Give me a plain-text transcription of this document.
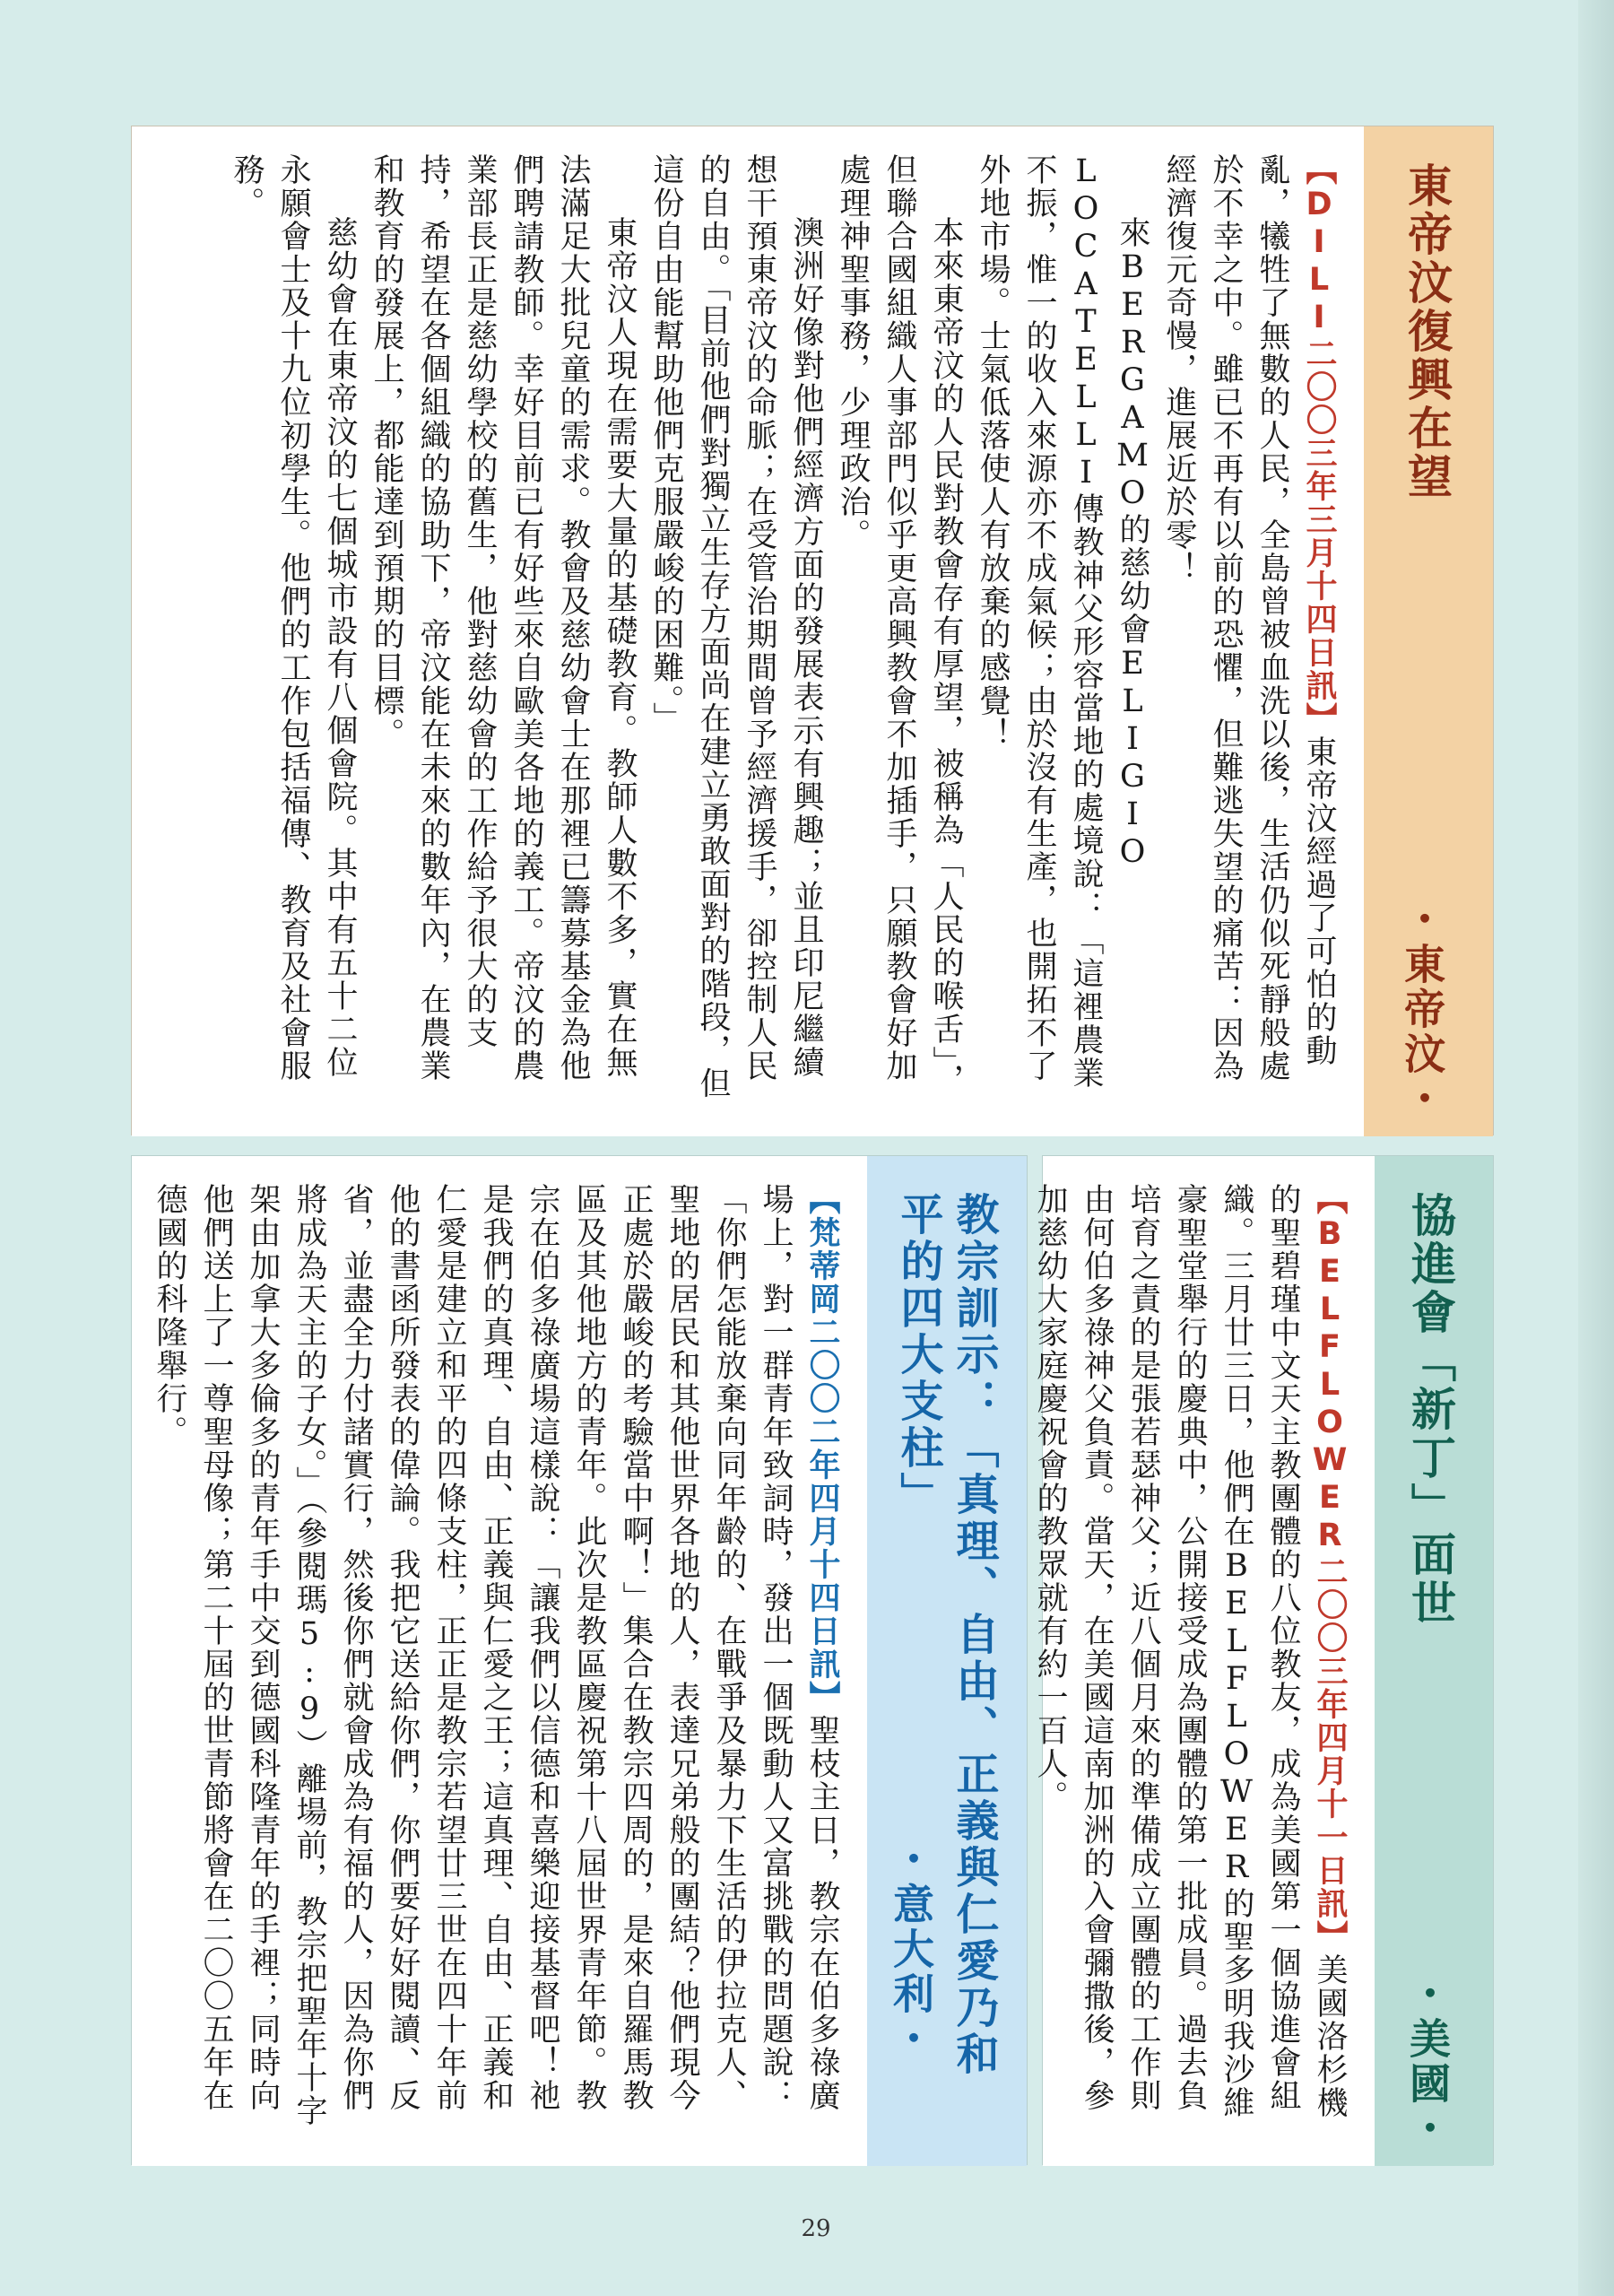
東帝汶復興在望
・東帝汶・

【DILI二〇〇三年三月十四日訊】東帝汶經過了可怕的動亂，犧牲了無數的人民，全島曾被血洗以後，生活仍似死靜般處於不幸之中。雖已不再有以前的恐懼，但難逃失望的痛苦：因為經濟復元奇慢，進展近於零！

來BERGAMO的慈幼會ELIGIO LOCATELLI傳教神父形容當地的處境說：「這裡農業不振，惟一的收入來源亦不成氣候；由於沒有生產，也開拓不了外地市場。士氣低落使人有放棄的感覺！

本來東帝汶的人民對教會存有厚望，被稱為「人民的喉舌」，但聯合國組織人事部門似乎更高興教會不加插手，只願教會好加處理神聖事務，少理政治。

澳洲好像對他們經濟方面的發展表示有興趣；並且印尼繼續想干預東帝汶的命脈；在受管治期間曾予經濟援手，卻控制人民的自由。「目前他們對獨立生存方面尚在建立勇敢面對的階段，但這份自由能幫助他們克服嚴峻的困難。」

東帝汶人現在需要大量的基礎教育。教師人數不多，實在無法滿足大批兒童的需求。教會及慈幼會士在那裡已籌募基金為他們聘請教師。幸好目前已有好些來自歐美各地的義工。帝汶的農業部長正是慈幼學校的舊生，他對慈幼會的工作給予很大的支持，希望在各個組織的協助下，帝汶能在未來的數年內，在農業和教育的發展上，都能達到預期的目標。

慈幼會在東帝汶的七個城市設有八個會院。其中有五十二位永願會士及十九位初學生。他們的工作包括福傳、教育及社會服務。

協進會「新丁」面世
・美國・

【BELFLOWER二〇〇三年四月十一日訊】美國洛杉機的聖碧瑾中文天主教團體的八位教友，成為美國第一個協進會組織。三月廿三日，他們在BELFLOWER的聖多明我沙維豪聖堂舉行的慶典中，公開接受成為團體的第一批成員。過去負培育之責的是張若瑟神父；近八個月來的準備成立團體的工作則由何伯多祿神父負責。當天，在美國這南加洲的入會彌撒後，參加慈幼大家庭慶祝會的教眾就有約一百人。

教宗訓示：「真理、自由、正義與仁愛乃和平的四大支柱」
・意大利・

【梵蒂岡二〇〇二年四月十四日訊】聖枝主日，教宗在伯多祿廣場上，對一群青年致詞時，發出一個既動人又富挑戰的問題說：「你們怎能放棄向同年齡的、在戰爭及暴力下生活的伊拉克人、聖地的居民和其他世界各地的人，表達兄弟般的團結？他們現今正處於嚴峻的考驗當中啊！」集合在教宗四周的，是來自羅馬教區及其他地方的青年。此次是教區慶祝第十八屆世界青年節。教宗在伯多祿廣場這樣說：「讓我們以信德和喜樂迎接基督吧！祂是我們的真理、自由、正義與仁愛之王；這真理、自由、正義和仁愛是建立和平的四條支柱，正正是教宗若望廿三世在四十年前他的書函所發表的偉論。我把它送給你們，你們要好好閱讀、反省，並盡全力付諸實行，然後你們就會成為有福的人，因為你們將成為天主的子女。」（參閱瑪5:9）離場前，教宗把聖年十字架由加拿大多倫多的青年手中交到德國科隆青年的手裡；同時向他們送上了一尊聖母像；第二十屆的世青節將會在二〇〇五年在德國的科隆舉行。

29
